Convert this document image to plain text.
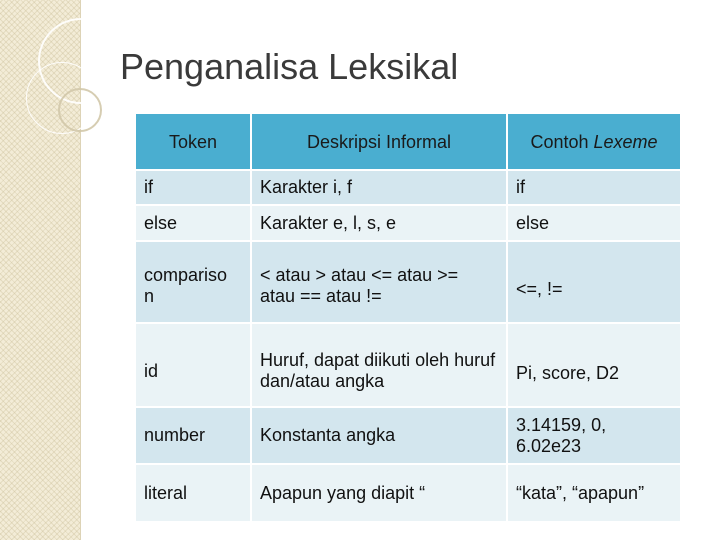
Penganalisa Leksikal
Token	Deskripsi Informal	Contoh Lexeme
if	Karakter i, f	if
else	Karakter e, l, s, e	else

compariso n	< atau > atau <= atau >= atau == atau !=	<=, !=

id	Huruf, dapat diikuti oleh huruf dan/atau angka	Pi, score, D2

number	Konstanta angka	3.14159, 0, 6.02e23
literal	Apapun yang diapit “	“kata”, “apapun”
